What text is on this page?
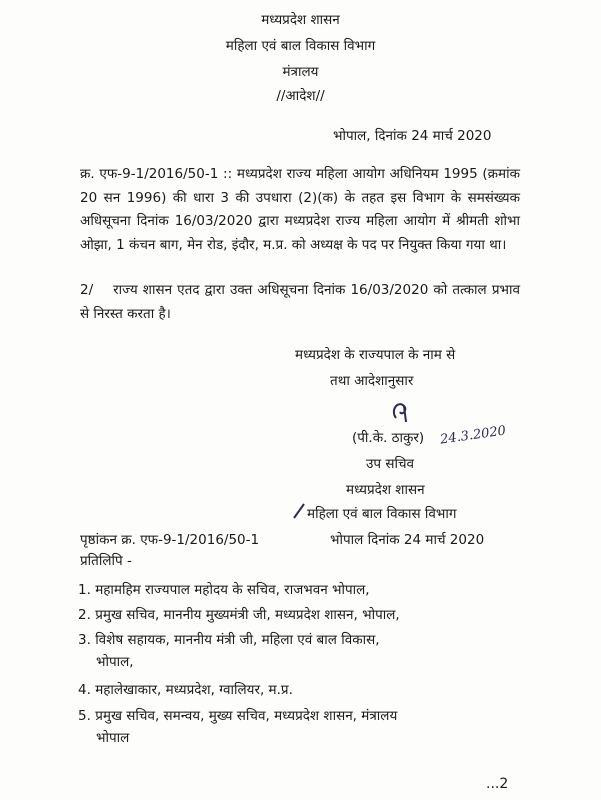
मध्यप्रदेश शासन
महिला एवं बाल विकास विभाग
मंत्रालय
//आदेश//
भोपाल, दिनांक 24 मार्च 2020
क्र. एफ-9-1/2016/50-1 :: मध्यप्रदेश राज्य महिला आयोग अधिनियम 1995 (क्रमांक 20 सन 1996) की धारा 3 की उपधारा (2)(क) के तहत इस विभाग के समसंख्यक अधिसूचना दिनांक 16/03/2020 द्वारा मध्यप्रदेश राज्य महिला आयोग में श्रीमती शोभा ओझा, 1 कंचन बाग, मेन रोड, इंदौर, म.प्र. को अध्यक्ष के पद पर नियुक्त किया गया था।
2/ राज्य शासन एतद द्वारा उक्त अधिसूचना दिनांक 16/03/2020 को तत्काल प्रभाव से निरस्त करता है।
मध्यप्रदेश के राज्यपाल के नाम से
तथा आदेशानुसार
(पी.के. ठाकुर) 24.3.2020
उप सचिव
मध्यप्रदेश शासन
महिला एवं बाल विकास विभाग
पृष्ठांकन क्र. एफ-9-1/2016/50-1	भोपाल दिनांक 24 मार्च 2020
प्रतिलिपि -
1. महामहिम राज्यपाल महोदय के सचिव, राजभवन भोपाल,
2. प्रमुख सचिव, माननीय मुख्यमंत्री जी, मध्यप्रदेश शासन, भोपाल,
3. विशेष सहायक, माननीय मंत्री जी, महिला एवं बाल विकास,
भोपाल,
4. महालेखाकार, मध्यप्रदेश, ग्वालियर, म.प्र.
5. प्रमुख सचिव, समन्वय, मुख्य सचिव, मध्यप्रदेश शासन, मंत्रालय
भोपाल
...2
